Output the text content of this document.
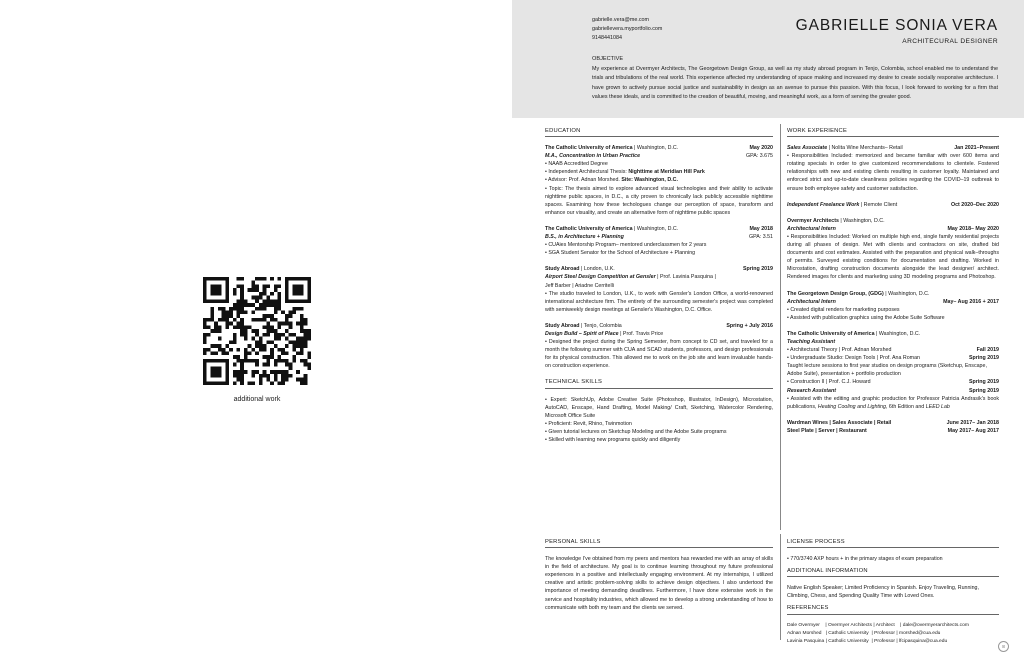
additional work
gabrielle.vera@me.com
gabriellevera.myportfolio.com
9148441084
GABRIELLE SONIA VERA
ARCHITECURAL DESIGNER
OBJECTIVE
My experience at Overmyer Architects, The Georgetown Design Group, as well as my study abroad program in Tenjo, Colombia, school enabled me to understand the trials and tribulations of the real world. This experience affected my understanding of space making and increased my desire to create socially responsive architecture. I have grown to actively pursue social justice and sustainability in design as an avenue to pursue this passion. With this focus, I look forward to working for a firm that values these ideals, and is committed to the creation of beautiful, moving, and meaningful work, as a form of serving the greater good.
EDUCATION
The Catholic University of America | Washington, D.C.	May 2020
M.A., Concentration in Urban Practice	GPA: 3.675
• NAAB Accredited Degree
• Independent Architectural Thesis: Nighttime at Meridian Hill Park
• Advisor: Prof. Adnan Morshed. Site: Washington, D.C.
• Topic: The thesis aimed to explore advanced visual technologies and their ability to activate nighttime public spaces, in D.C., a city proven to chronically lack publicly accessible nighttime spaces. Examining how these techologues change our perception of space, transform and enhance our visuality, and create an alternative form of nighttime public spaces
The Catholic University of America | Washington, D.C.	May 2018
B.S., in Architecture + Planning	GPA: 3.51
• CUAies Mentorship Program– mentored underclassmen for 2 years
• SGA Student Senator for the School of Architecture + Planning
Study Abroad | London, U.K.	Spring 2019
Airport Steel Design Competition at Gensler | Prof. Lavinia Pasquina |
Jeff Barber | Ariadne Cerritelli
• The studio traveled to London, U.K., to work with Gensler's London Office, a world-renowned international architecture firm. The entirety of the surrounding semester's project was completed with semiweekly design meetings at Gensler's Washington, D.C. Office.
Study Abroad | Tenjo, Colombia	Spring + July 2016
Design Build – Spirit of Place | Prof. Travis Price
• Designed the project during the Spring Semester, from concept to CD set, and traveled for a month the following summer with CUA and SCAD students, professors, and design professionals for its physical construction. This allowed me to work on the job site and learn invaluable hands-on construction experience.
TECHNICAL SKILLS
• Expert: SketchUp, Adobe Creative Suite (Photoshop, Illustrator, InDesign), Microstation, AutoCAD, Enscape, Hand Drafting, Model Making/ Craft, Sketching, Watercolor Rendering, Microsoft Office Suite
• Proficient: Revit, Rhino, Twinmotion
• Given tutorial lectures on Sketchup Modeling and the Adobe Suite programs
• Skilled with learning new programs quickly and diligently
PERSONAL SKILLS
The knowledge I've obtained from my peers and mentors has rewarded me with an array of skills in the field of architecture. My goal is to continue learning throughout my future professional experiences in a positive and intellectually engaging environment. At my internships, I utilized creative and artistic problem-solving skills to achieve design objectives. I also undertood the importance of meeting demanding deadlines. Furthermore, I have done extensive work in the service and hospitality industries, which allowed me to develop a strong understanding of how to communicate with both my team and the clients we served.
WORK EXPERIENCE
Sales Associate | Nolita Wine Merchants– Retail	Jan 2021–Present
• Responsibilities Included: memorized and became familiar with over 600 items and rotating specials in order to give customized recommendations to clientele. Fostered relationships with new and existing clients resulting in customer loyalty. Maintained and enforced strict and up-to-date cleanliness policies regarding the COVID–19 outbreak to ensure both employee safety and customer satisfaction.
Independent Freelance Work | Remote Client	Oct 2020–Dec 2020
Overmyer Architects | Washington, D.C.
Architectural Intern	May 2018– May 2020
• Responsibilities Included: Worked on multiple high end, single family residential projects during all phases of design. Met with clients and contractors on site, drafted bid documents and cost estimates. Assisted with the preparation and physical walk–throughs of permits. Surveyed existing conditions for documentation and drafting. Worked in Microstation, drafting construction documents alongside the lead designer/ architect. Rendered images for clients and marketing using 3D modeling programs and Photoshop.
The Georgetown Design Group, (GDG) | Washington, D.C.
Architectural Intern	May– Aug 2016 + 2017
• Created digital renders for marketing purposes
• Assisted with publication graphics using the Adobe Suite Software
The Catholic University of America | Washington, D.C.
Teaching Assistant
• Architectural Theory | Prof. Adnan Morshed	Fall 2019
• Undergraduate Studio: Design Tools | Prof. Ana Roman	Spring 2019
Taught lecture sessions to first year studios on design programs (Sketchup, Enscape, Adobe Suite), presentation + portfolio production
• Construction II | Prof. C.J. Howard	Spring 2019
Research Assistant	Spring 2019
• Assisted with the editing and graphic production for Professor Patricia Andrasik's book publications, Heating Cooling and Lighting, 6th Edition and LEED Lab
Wardman Wines | Sales Associate | Retail	June 2017– Jan 2018
Steel Plate | Server | Restaurant	May 2017– Aug 2017
LICENSE PROCESS
• 770/3740 AXP hours + in the primary stages of exam preparation
ADDITIONAL INFORMATION
Native English Speaker; Limited Proficiency in Spanish. Enjoy Traveling, Running, Climbing, Chess, and Spending Quality Time with Loved Ones.
REFERENCES
Dale Overmyer    | Overmyer Architects | Architect    | dale@overmyerarchitects.com
Adnan Morshed   | Catholic University  | Professor | morshed@cua.edu
Lavinia Pasquina | Catholic University  | Professor | lfcipasquina@cua.edu
8
